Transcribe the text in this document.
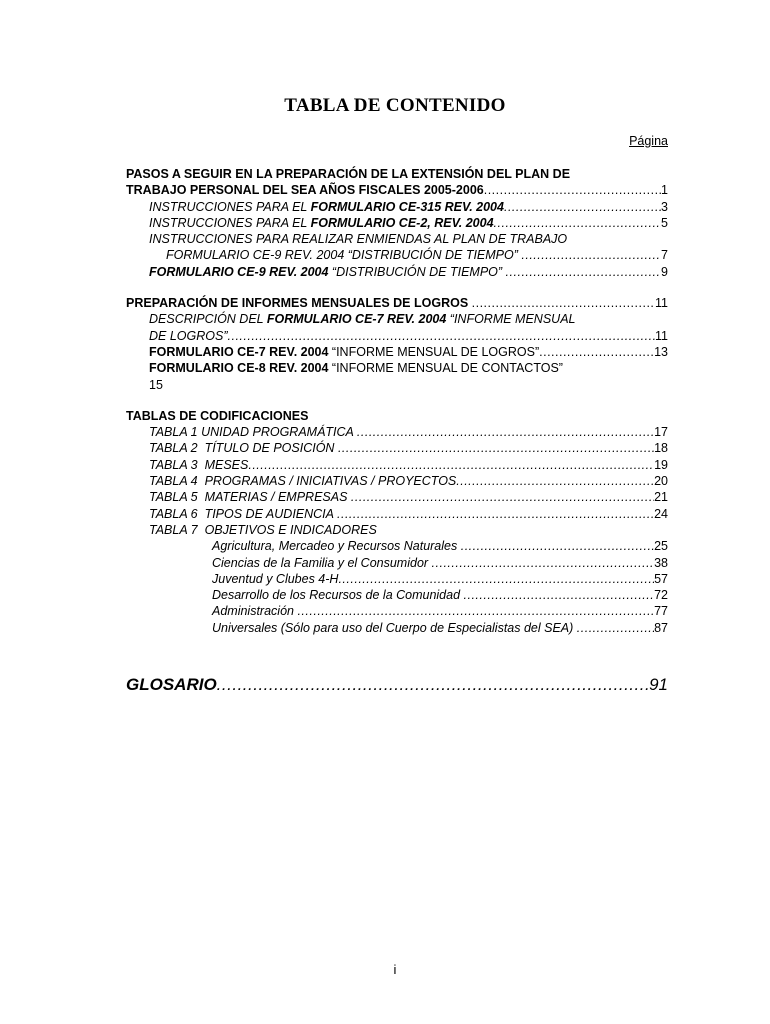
TABLA DE CONTENIDO
Página
PASOS A SEGUIR EN LA PREPARACIÓN DE LA EXTENSIÓN DEL PLAN DE
TRABAJO PERSONAL DEL SEA AÑOS FISCALES 2005-2006 .....	1
INSTRUCCIONES PARA EL FORMULARIO CE-315 REV. 2004 .....	3
INSTRUCCIONES PARA EL FORMULARIO CE-2, REV. 2004 .....	5
INSTRUCCIONES PARA REALIZAR ENMIENDAS AL PLAN DE TRABAJO
FORMULARIO CE-9 REV. 2004 “DISTRIBUCIÓN DE TIEMPO” .....	7
FORMULARIO CE-9 REV. 2004 “DISTRIBUCIÓN DE TIEMPO” .....	9
PREPARACIÓN DE INFORMES MENSUALES DE LOGROS .....	11
DESCRIPCIÓN DEL FORMULARIO CE-7 REV. 2004 “INFORME MENSUAL
DE LOGROS” .....	11
FORMULARIO CE-7 REV. 2004 “INFORME MENSUAL DE LOGROS” .....	13
FORMULARIO CE-8 REV. 2004 “INFORME MENSUAL DE CONTACTOS”
15
TABLAS DE CODIFICACIONES
TABLA 1 UNIDAD PROGRAMÁTICA .....	17
TABLA 2  TÍTULO DE POSICIÓN .....	18
TABLA 3  MESES .....	19
TABLA 4  PROGRAMAS / INICIATIVAS / PROYECTOS .....	20
TABLA 5  MATERIAS / EMPRESAS .....	21
TABLA 6  TIPOS DE AUDIENCIA .....	24
TABLA 7  OBJETIVOS E INDICADORES
Agricultura, Mercadeo y Recursos Naturales .....	25
Ciencias de la Familia y el Consumidor .....	38
Juventud y Clubes 4-H .....	57
Desarrollo de los Recursos de la Comunidad .....	72
Administración .....	77
Universales (Sólo para uso del Cuerpo de Especialistas del SEA) .....	87
GLOSARIO .....	91
i
